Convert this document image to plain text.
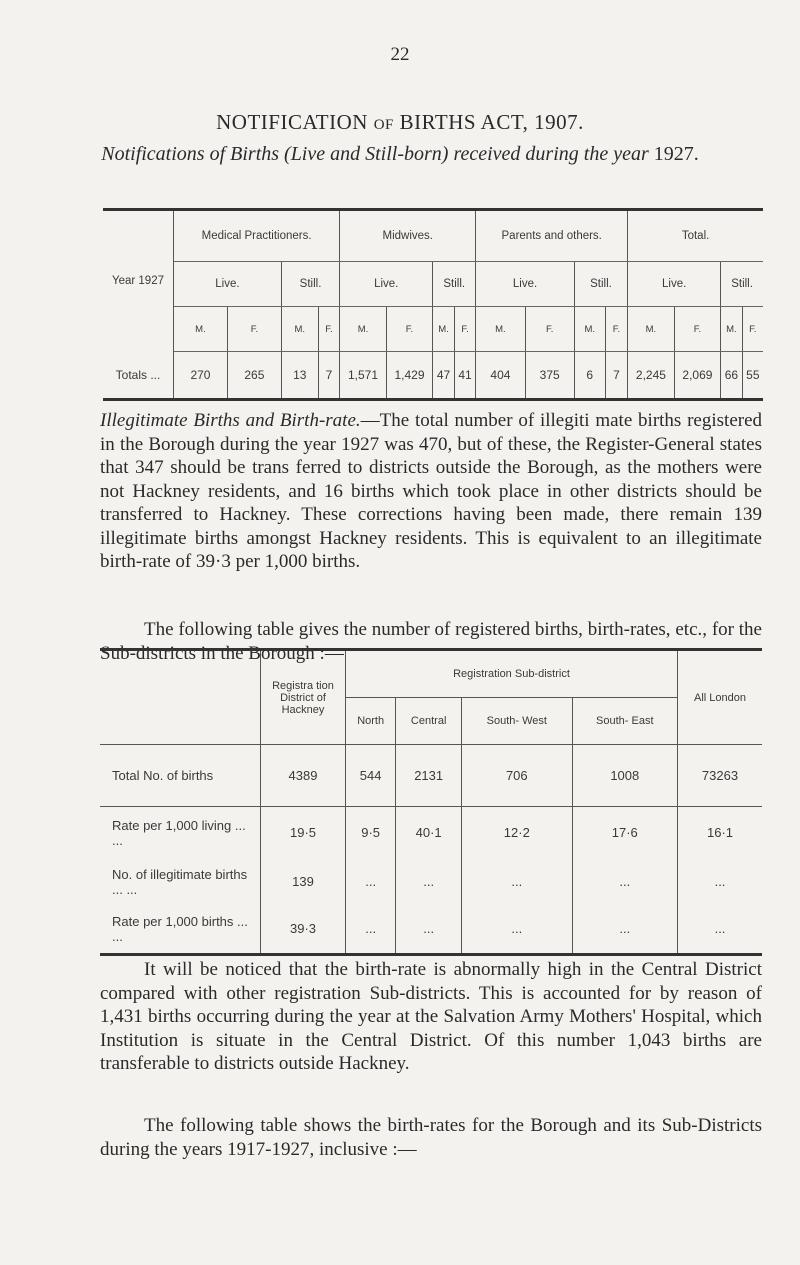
22
NOTIFICATION OF BIRTHS ACT, 1907.
Notifications of Births (Live and Still-born) received during the year 1927.
Year 1927	Medical Practitioners.				Midwives.				Parents and others.				Total.			
	Live.		Still.		Live.		Still.		Live.		Still.		Live.		Still.	
	M.	F.	M.	F.	M.	F.	M.	F.	M.	F.	M.	F.	M.	F.	M.	F.
Totals ...	270	265	13	7	1,571	1,429	47	41	404	375	6	7	2,245	2,069	66	55
Illegitimate Births and Birth-rate.—The total number of illegiti mate births registered in the Borough during the year 1927 was 470, but of these, the Register-General states that 347 should be trans ferred to districts outside the Borough, as the mothers were not Hackney residents, and 16 births which took place in other districts should be transferred to Hackney. These corrections having been made, there remain 139 illegitimate births amongst Hackney residents. This is equivalent to an illegitimate birth-rate of 39·3 per 1,000 births.
The following table gives the number of registered births, birth-rates, etc., for the Sub-districts in the Borough :—
	Registra tion District of Hackney	Registration Sub-district				All London
		North	Central	South- West	South- East	
Total No. of births	4389	544	2131	706	1008	73263
Rate per 1,000 living ... ...	19·5	9·5	40·1	12·2	17·6	16·1
No. of illegitimate births ... ...	139	...	...	...	...	...
Rate per 1,000 births ... ...	39·3	...	...	...	...	...
It will be noticed that the birth-rate is abnormally high in the Central District compared with other registration Sub-districts. This is accounted for by reason of 1,431 births occurring during the year at the Salvation Army Mothers' Hospital, which Institution is situate in the Central District. Of this number 1,043 births are transferable to districts outside Hackney.
The following table shows the birth-rates for the Borough and its Sub-Districts during the years 1917-1927, inclusive :—
